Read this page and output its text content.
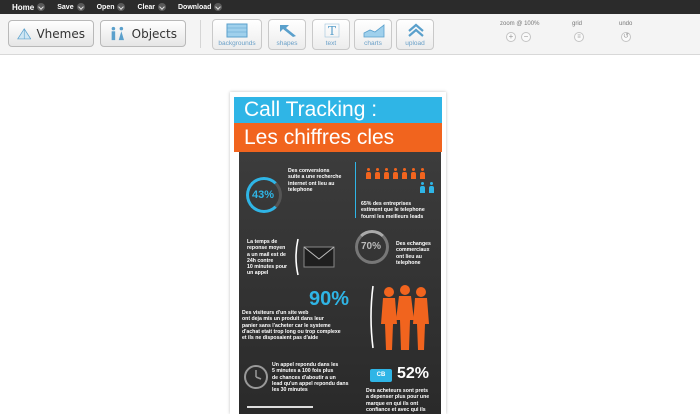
Home	Save	Open	Clear	Download
Vhemes	Objects
backgrounds	shapes
T
text	charts	upload
zoom @ 100%
+	−
grid
≡
undo
↺
Call Tracking :
Les chiffres cles
43%
Des conversions
suite a une recherche
internet ont lieu au
telephone
65% des entreprises
estiment que le telephone
fourni les meilleurs leads
La temps de
reponse moyen
a un mail est de
24h contre
10 minutes pour
un appel
70%	Des echanges
commerciaux
ont lieu au
telephone
90%
Des visiteurs d'un site web
ont deja mis un produit dans leur
panier sans l'acheter car le systeme
d'achat etait trop long ou trop complexe
et ils ne disposaient pas d'aide
Un appel repondu dans les
5 minutes a 100 fois plus
de chances d'aboutir a un
lead qu'un appel repondu dans
les 30 minutes
CB 52%
Des acheteurs sont prets
a depenser plus pour une
marque en qui ils ont
confiance et avec qui ils
